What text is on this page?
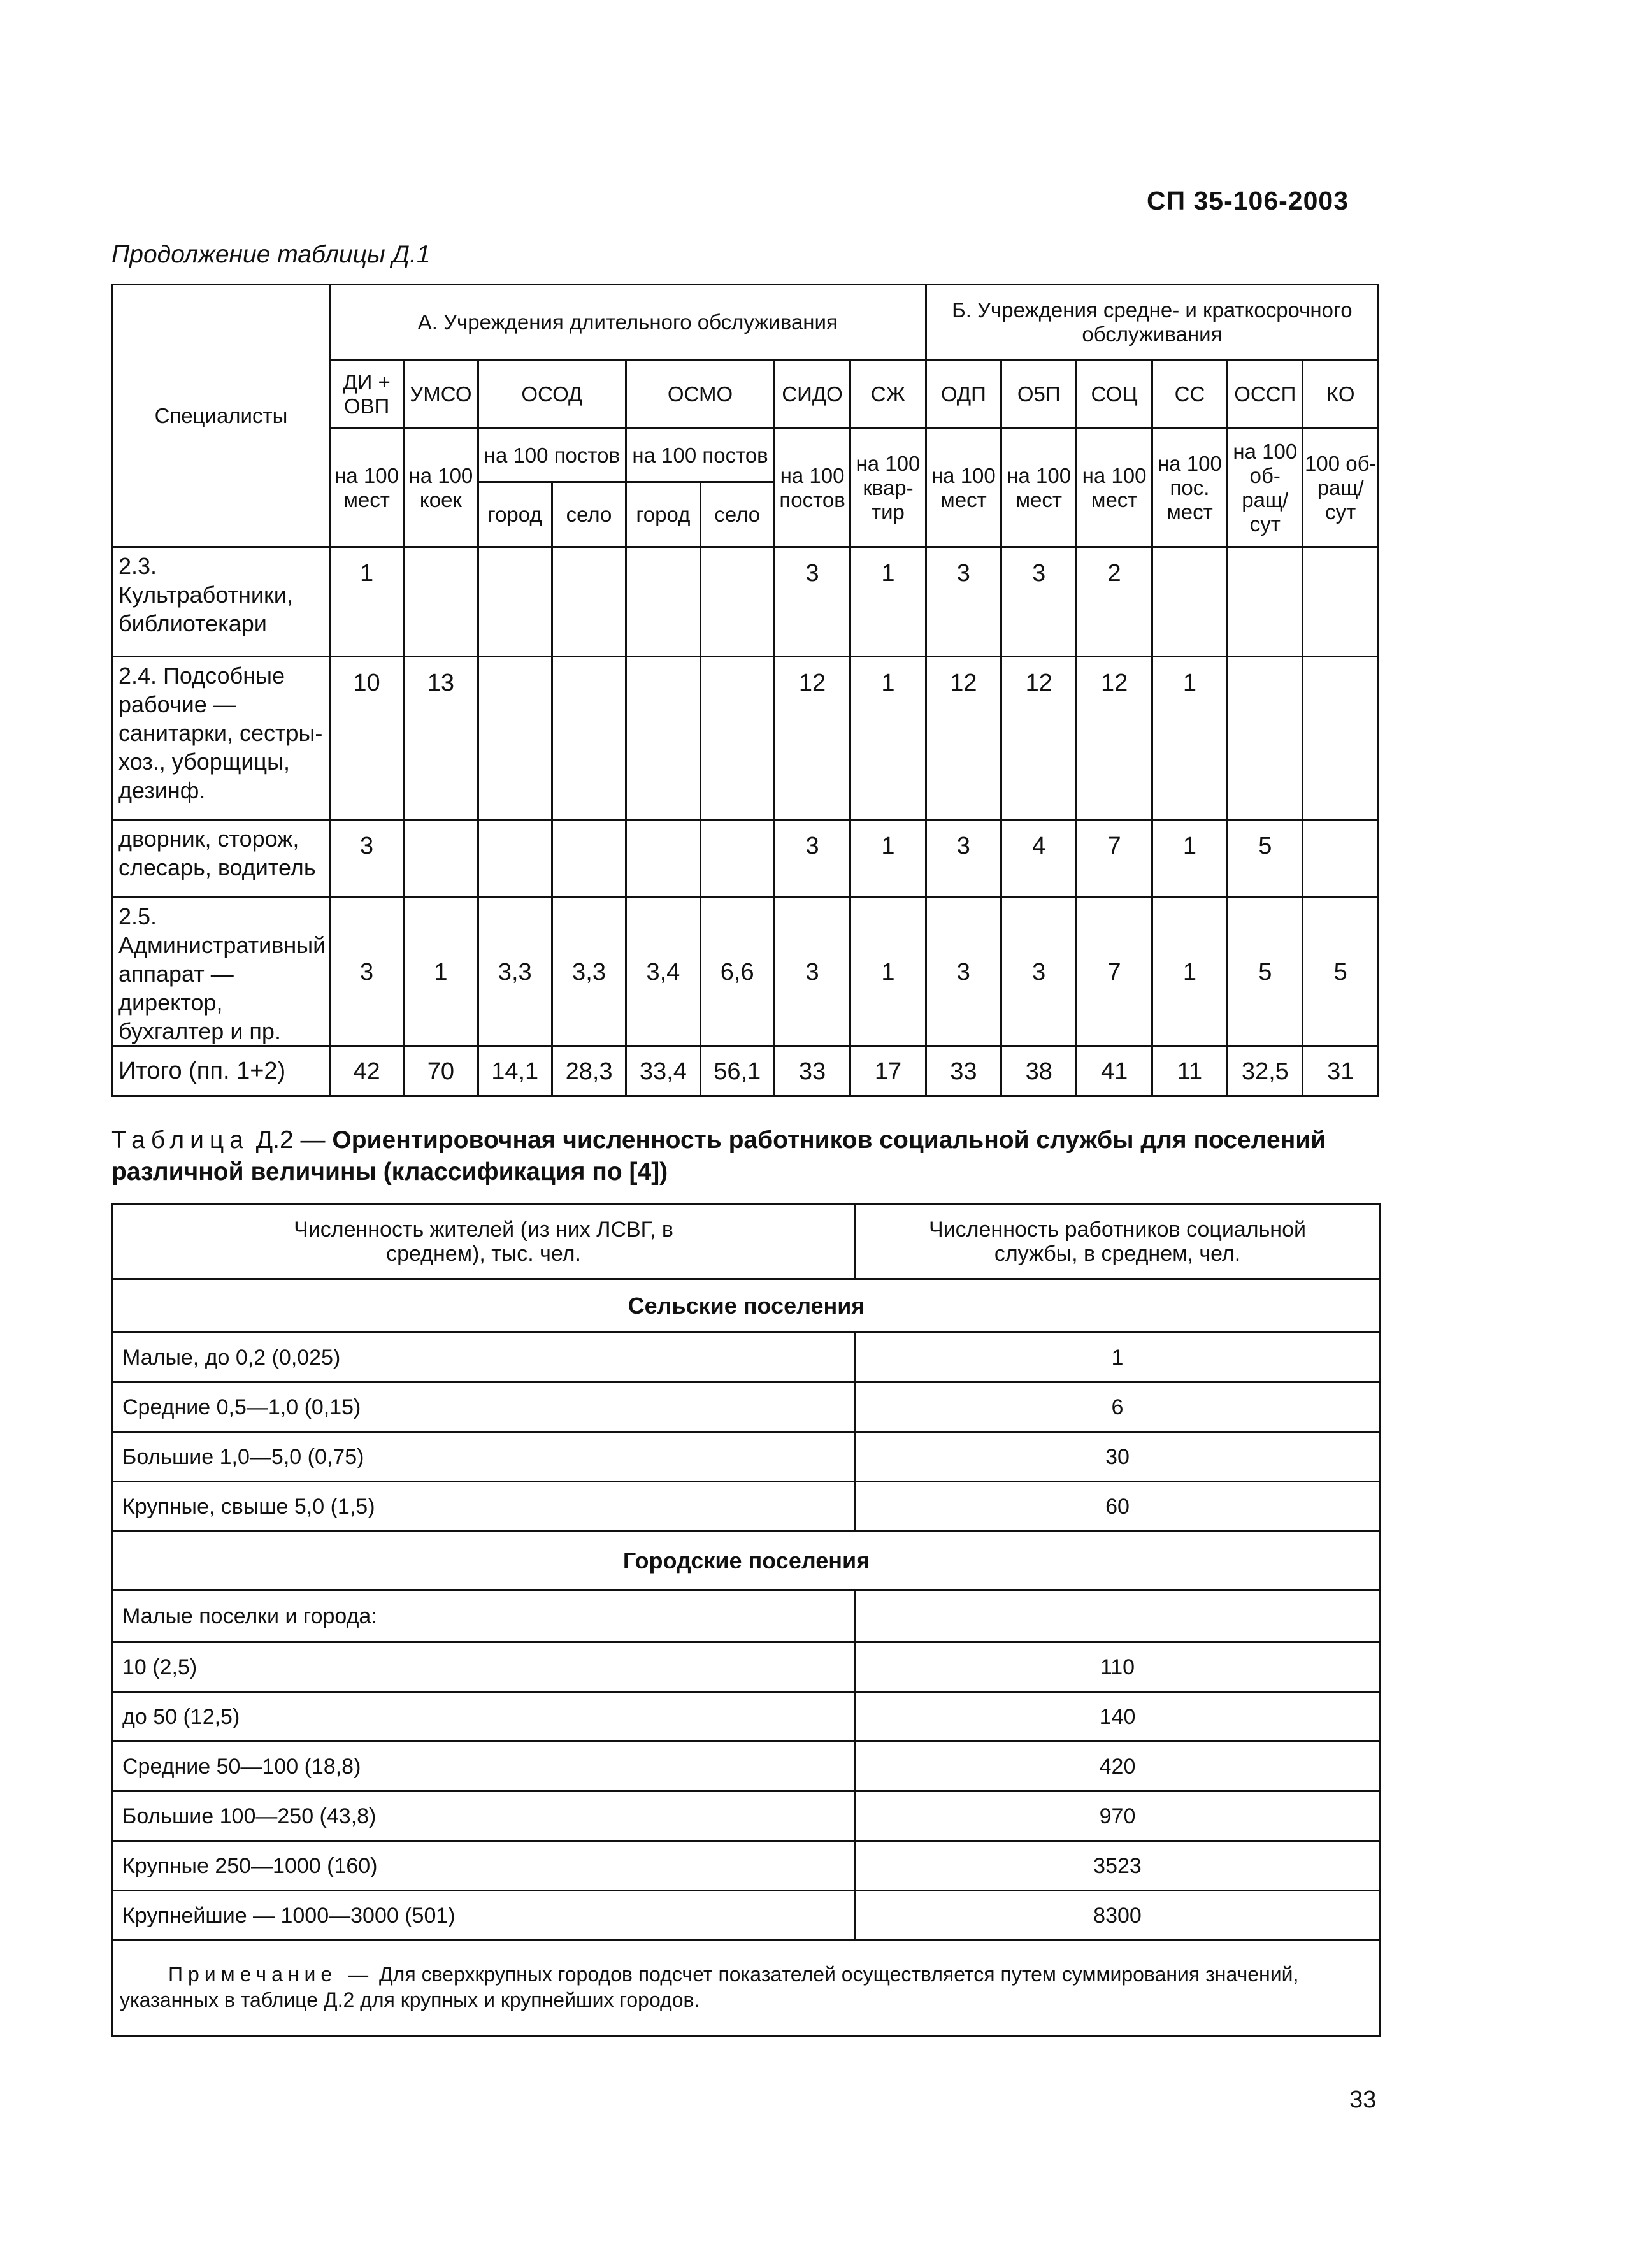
СП 35-106-2003
Продолжение таблицы Д.1
Специалисты	А. Учреждения длительного обслуживания								Б. Учреждения средне- и краткосрочного обслуживания					
	ДИ + ОВП	УМСО	ОСОД		ОСМО		СИДО	СЖ	ОДП	О5П	СОЦ	СС	ОССП	КО
	на 100 мест	на 100 коек	на 100 постов		на 100 постов		на 100 постов	на 100 квар-тир	на 100 мест	на 100 мест	на 100 мест	на 100 пос. мест	на 100 об-ращ/ сут	100 об-ращ/ сут
			город	село	город	село								
2.3. Культработники, библиотекари	1						3	1	3	3	2			
2.4. Подсобные рабочие — санитарки, сестры-хоз., уборщицы, дезинф.	10	13					12	1	12	12	12	1		
дворник, сторож, слесарь, водитель	3						3	1	3	4	7	1	5	
2.5. Административный аппарат — директор, бухгалтер и пр.	3	1	3,3	3,3	3,4	6,6	3	1	3	3	7	1	5	5
Итого (пп. 1+2)	42	70	14,1	28,3	33,4	56,1	33	17	33	38	41	11	32,5	31
Таблица Д.2 — Ориентировочная численность работников социальной службы для поселений различной величины (классификация по [4])
Численность жителей (из них ЛСВГ, в среднем), тыс. чел.	Численность работников социальной службы, в среднем, чел.

Сельские поселения	
Малые, до 0,2 (0,025)	1
Средние 0,5—1,0 (0,15)	6
Большие 1,0—5,0 (0,75)	30
Крупные, свыше 5,0 (1,5)	60
Городские поселения	
Малые поселки и города:	
10 (2,5)	110
до 50 (12,5)	140
Средние 50—100 (18,8)	420
Большие 100—250 (43,8)	970
Крупные 250—1000 (160)	3523
Крупнейшие — 1000—3000 (501)	8300
Примечание — Для сверхкрупных городов подсчет показателей осуществляется путем суммирования значений, указанных в таблице Д.2 для крупных и крупнейших городов.	
33
